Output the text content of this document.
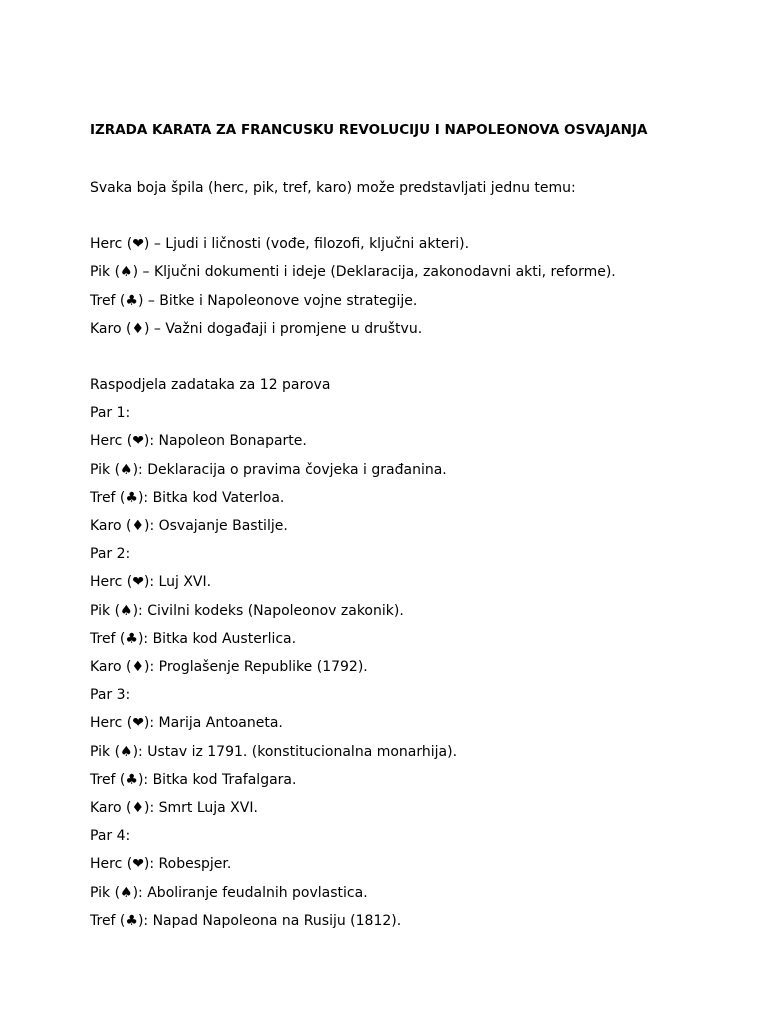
IZRADA KARATA ZA FRANCUSKU REVOLUCIJU I NAPOLEONOVA OSVAJANJA
Svaka boja špila (herc, pik, tref, karo) može predstavljati jednu temu:
Herc (❤) – Ljudi i ličnosti (vođe, filozofi, ključni akteri).
Pik (♠) – Ključni dokumenti i ideje (Deklaracija, zakonodavni akti, reforme).
Tref (♣) – Bitke i Napoleonove vojne strategije.
Karo (♦) – Važni događaji i promjene u društvu.
Raspodjela zadataka za 12 parova
Par 1:
Herc (❤): Napoleon Bonaparte.
Pik (♠): Deklaracija o pravima čovjeka i građanina.
Tref (♣): Bitka kod Vaterloa.
Karo (♦): Osvajanje Bastilje.
Par 2:
Herc (❤): Luj XVI.
Pik (♠): Civilni kodeks (Napoleonov zakonik).
Tref (♣): Bitka kod Austerlica.
Karo (♦): Proglašenje Republike (1792).
Par 3:
Herc (❤): Marija Antoaneta.
Pik (♠): Ustav iz 1791. (konstitucionalna monarhija).
Tref (♣): Bitka kod Trafalgara.
Karo (♦): Smrt Luja XVI.
Par 4:
Herc (❤): Robespjer.
Pik (♠): Aboliranje feudalnih povlastica.
Tref (♣): Napad Napoleona na Rusiju (1812).
